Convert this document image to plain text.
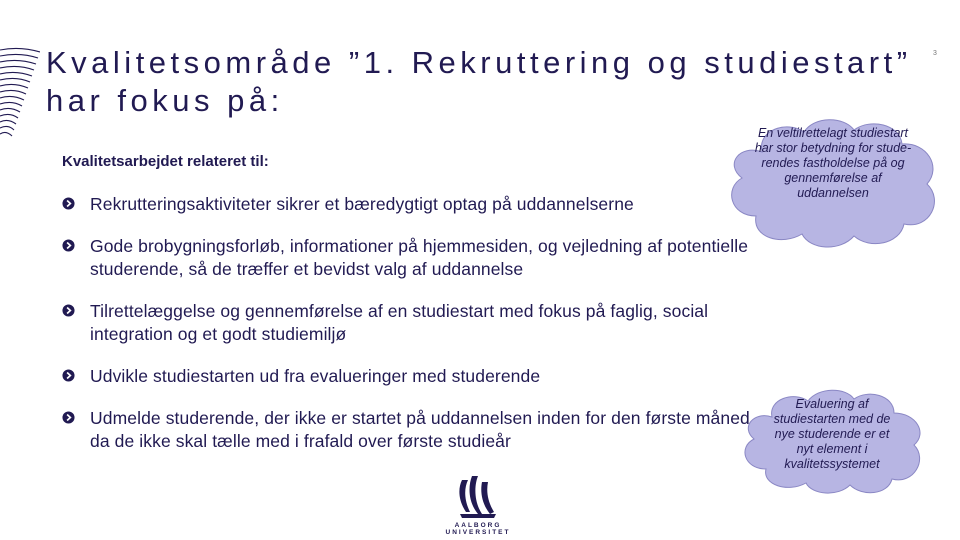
Kvalitetsområde ”1. Rekruttering og studiestart” har fokus på:
3
Kvalitetsarbejdet relateret til:
Rekrutteringsaktiviteter sikrer et bæredygtigt optag på uddannelserne
Gode brobygningsforløb, informationer på hjemmesiden, og vejledning af potentielle studerende, så de træffer et bevidst valg af uddannelse
Tilrettelæggelse og gennemførelse af en studiestart med fokus på faglig, social integration og et godt studiemiljø
Udvikle studiestarten ud fra evalueringer med studerende
Udmelde studerende, der ikke er startet på uddannelsen inden for den første måned, da de ikke skal tælle med i frafald over første studieår
En veltilrettelagt studiestart har stor betydning for stude-rendes fastholdelse på og gennemførelse af uddannelsen
Evaluering af studiestarten med de nye studerende er et nyt element i kvalitetssystemet
AALBORG UNIVERSITET
